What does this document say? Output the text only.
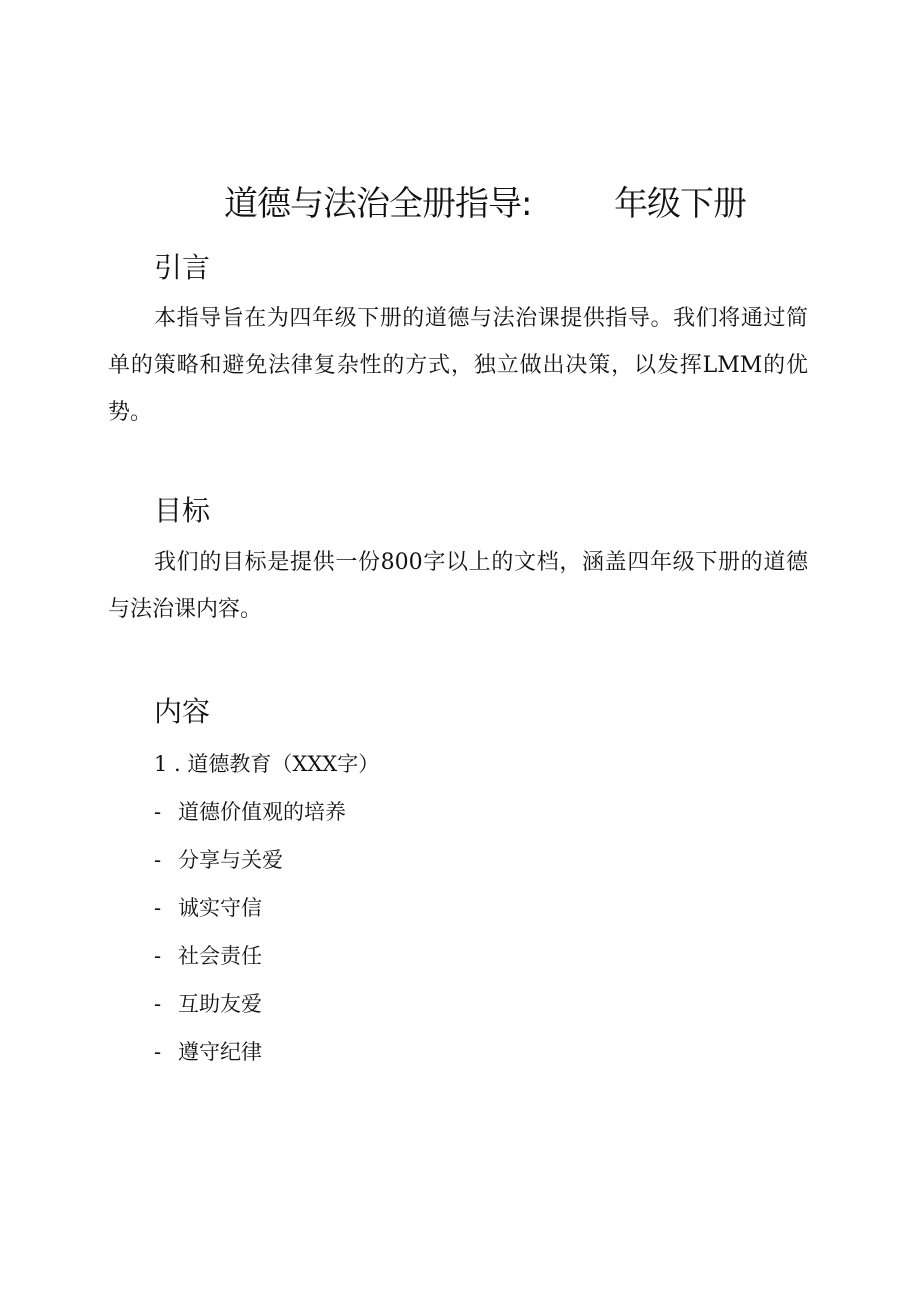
道德与法治全册指导: 年级下册
引言

本指导旨在为四年级下册的道德与法治课提供指导。我们将通过简单的策略和避免法律复杂性的方式，独立做出决策，以发挥LMM的优势。

目标

我们的目标是提供一份800字以上的文档，涵盖四年级下册的道德与法治课内容。

内容
1 . 道德教育（XXX字）
- 道德价值观的培养
- 分享与关爱
- 诚实守信
- 社会责任
- 互助友爱
- 遵守纪律
